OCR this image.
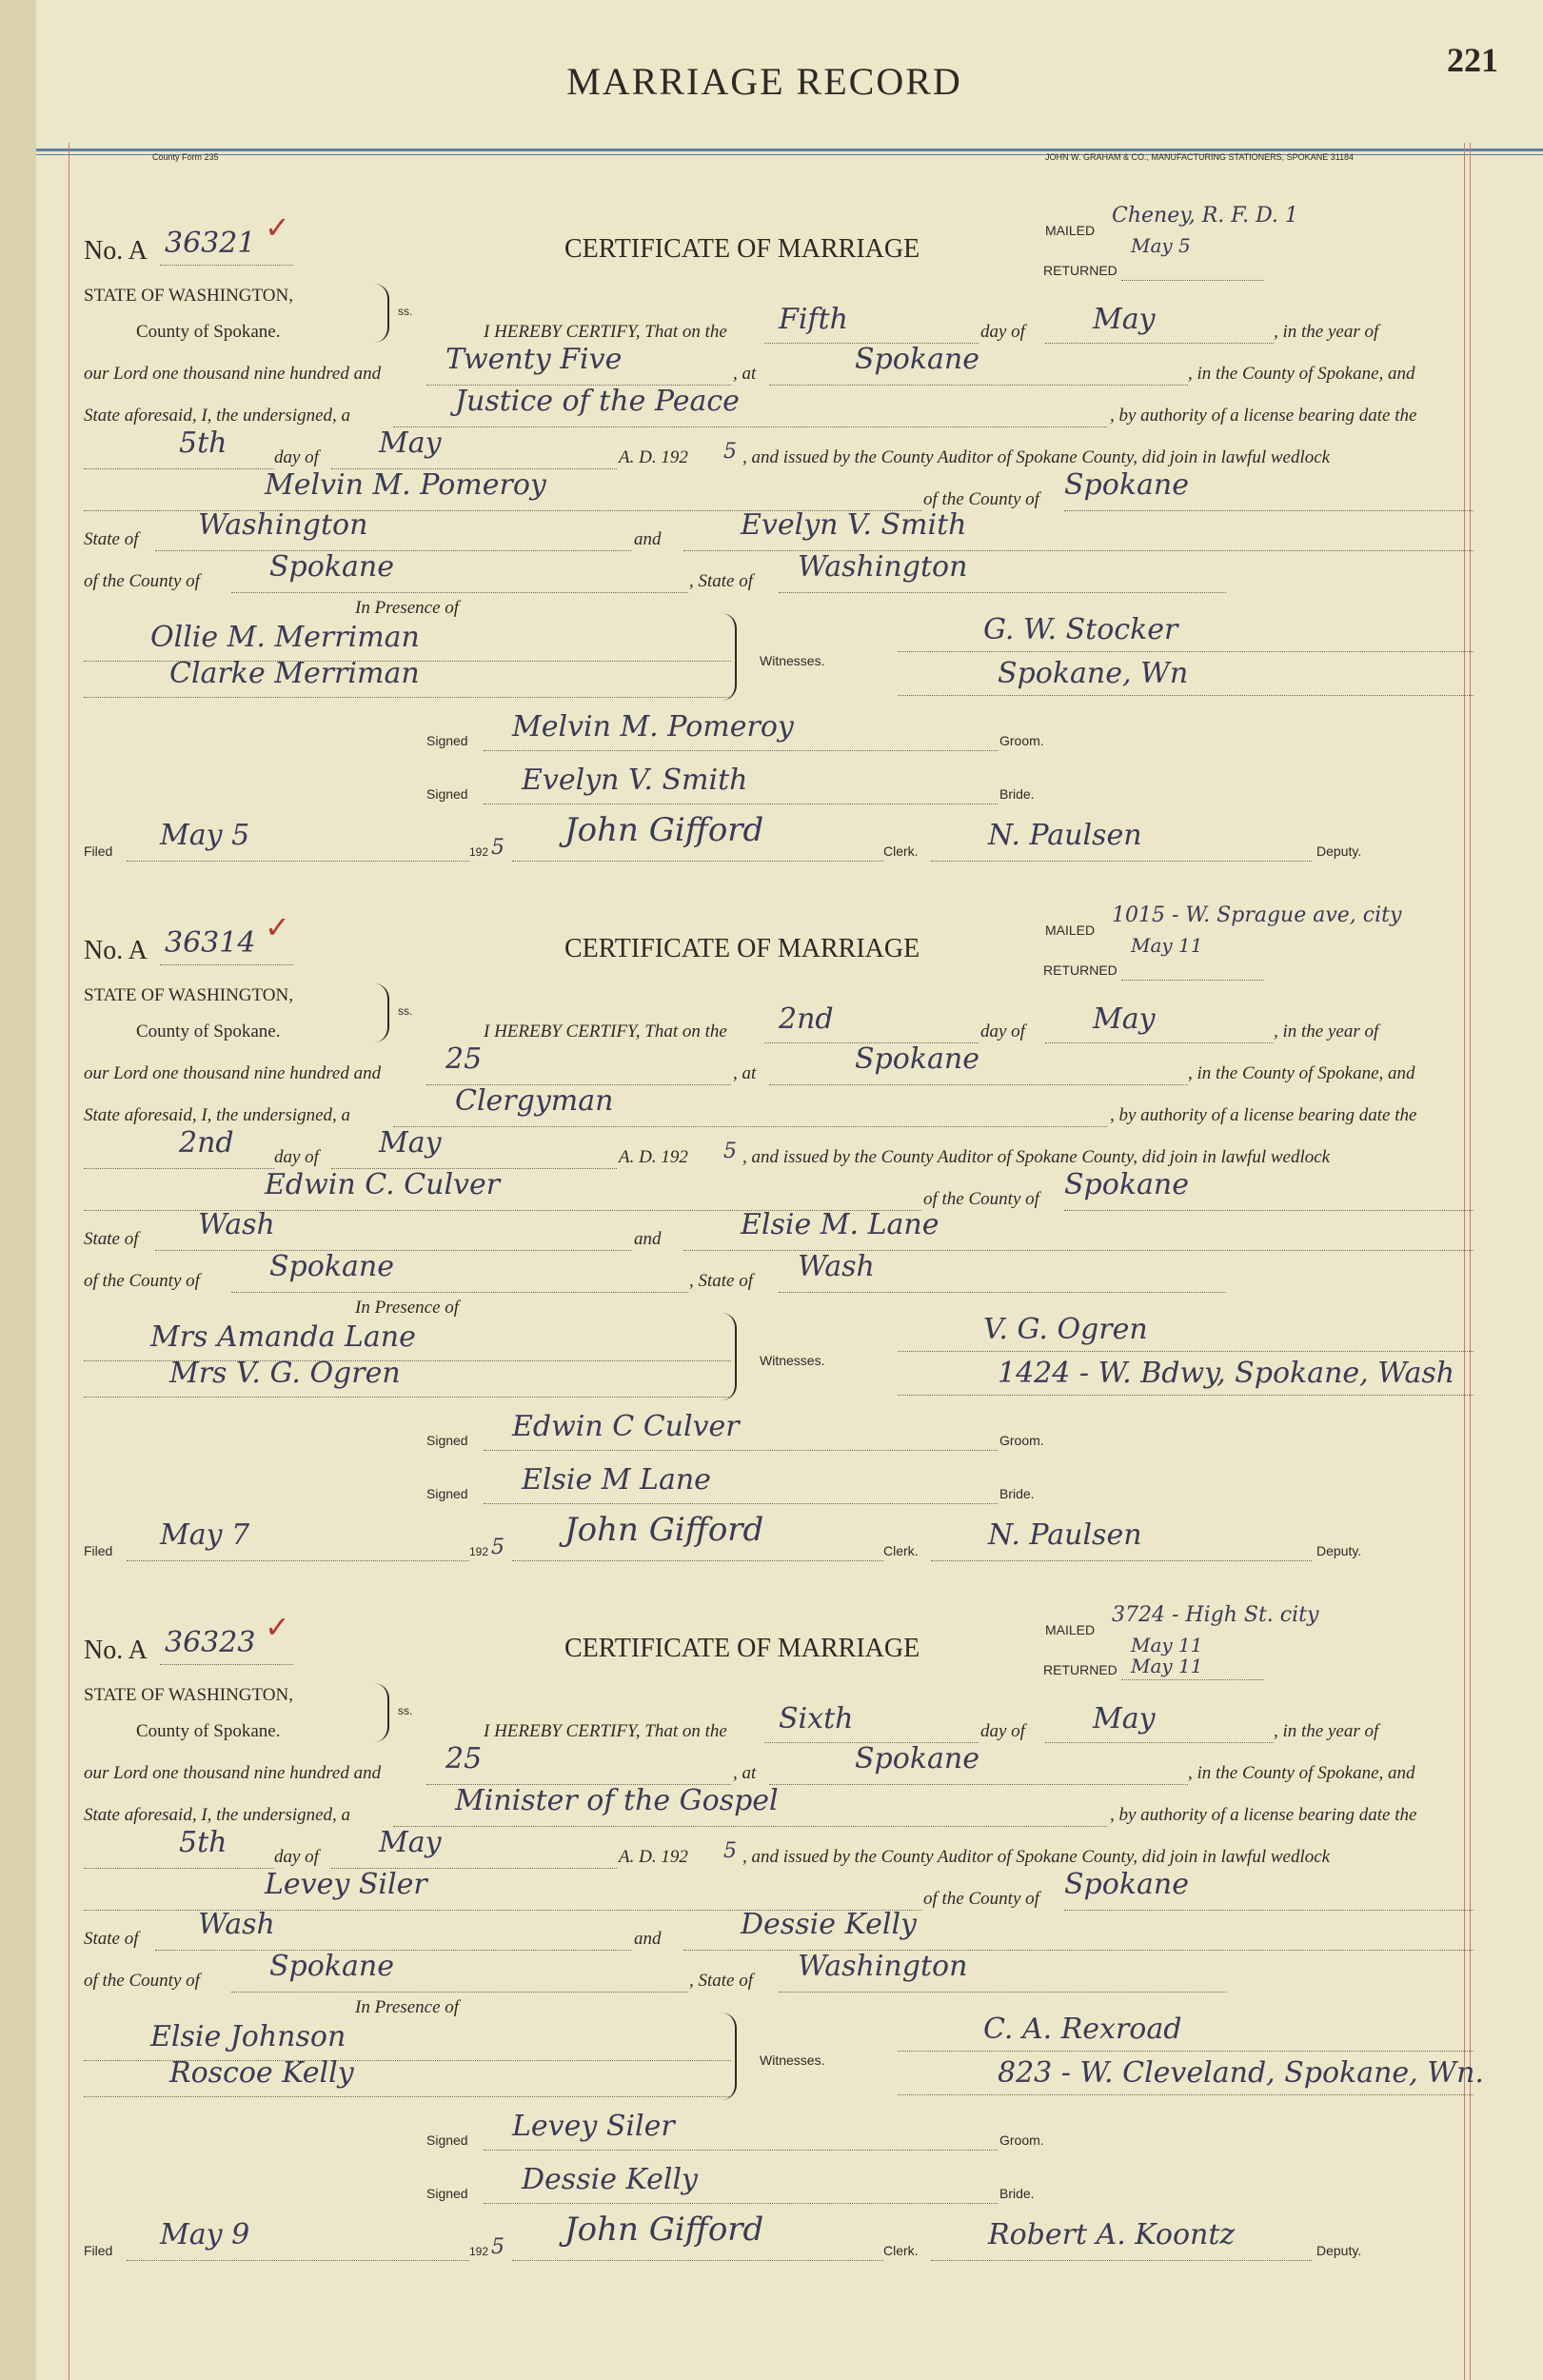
MARRIAGE RECORD	221
County Form 235	JOHN W. GRAHAM & CO., MANUFACTURING STATIONERS, SPOKANE 31184
No. A 36321 ✓
CERTIFICATE OF MARRIAGE
MAILED
Cheney, R. F. D. 1
May 5
RETURNED
STATE OF WASHINGTON,
County of Spokane.
ss.
I HEREBY CERTIFY, That on the Fifth	day of May	, in the year of
our Lord one thousand nine hundred and Twenty Five	, at	Spokane	, in the County of Spokane, and
State aforesaid, I, the undersigned, a	Justice of the Peace	, by authority of a license bearing date the
5th	day of May	A. D. 192 5 , and issued by the County Auditor of Spokane County, did join in lawful wedlock
Melvin M. Pomeroy	of the County of Spokane
State of Washington	and	Evelyn V. Smith
of the County of Spokane	, State of Washington
In Presence of
Ollie M. Merriman
Clarke Merriman	Witnesses.
G. W. Stocker
Spokane, Wn
Signed Melvin M. Pomeroy	Groom.
Signed Evelyn V. Smith	Bride.
Filed May 5	192 5 John Gifford
Clerk. N. Paulsen	Deputy.
No. A 36314 ✓
CERTIFICATE OF MARRIAGE
MAILED
1015 - W. Sprague ave, city
May 11
RETURNED
STATE OF WASHINGTON,
County of Spokane.
ss.
I HEREBY CERTIFY, That on the 2nd	day of May	, in the year of
our Lord one thousand nine hundred and 25	, at	Spokane	, in the County of Spokane, and
State aforesaid, I, the undersigned, a	Clergyman	, by authority of a license bearing date the
2nd day of May	A. D. 192 5 , and issued by the County Auditor of Spokane County, did join in lawful wedlock
Edwin C. Culver	of the County of Spokane
State of Wash	and	Elsie M. Lane
of the County of Spokane	, State of Wash
In Presence of
Mrs Amanda Lane
Mrs V. G. Ogren	Witnesses.
V. G. Ogren
1424 - W. Bdwy, Spokane, Wash
Signed Edwin C Culver	Groom.
Signed Elsie M Lane	Bride.
Filed May 7	192 5 John Gifford
Clerk. N. Paulsen	Deputy.
No. A 36323 ✓
CERTIFICATE OF MARRIAGE
MAILED
3724 - High St. city
May 11
RETURNED May 11
STATE OF WASHINGTON,
County of Spokane.
ss.
I HEREBY CERTIFY, That on the Sixth	day of May	, in the year of
our Lord one thousand nine hundred and 25	, at	Spokane	, in the County of Spokane, and
State aforesaid, I, the undersigned, a	Minister of the Gospel	, by authority of a license bearing date the
5th	day of May	A. D. 192 5 , and issued by the County Auditor of Spokane County, did join in lawful wedlock
Levey Siler	of the County of Spokane
State of Wash	and	Dessie Kelly
of the County of Spokane	, State of Washington
In Presence of
Elsie Johnson
Roscoe Kelly	Witnesses.
C. A. Rexroad
823 - W. Cleveland, Spokane, Wn.
Signed Levey Siler	Groom.
Signed Dessie Kelly	Bride.
Filed May 9	192 5 John Gifford
Clerk. Robert A. Koontz	Deputy.
